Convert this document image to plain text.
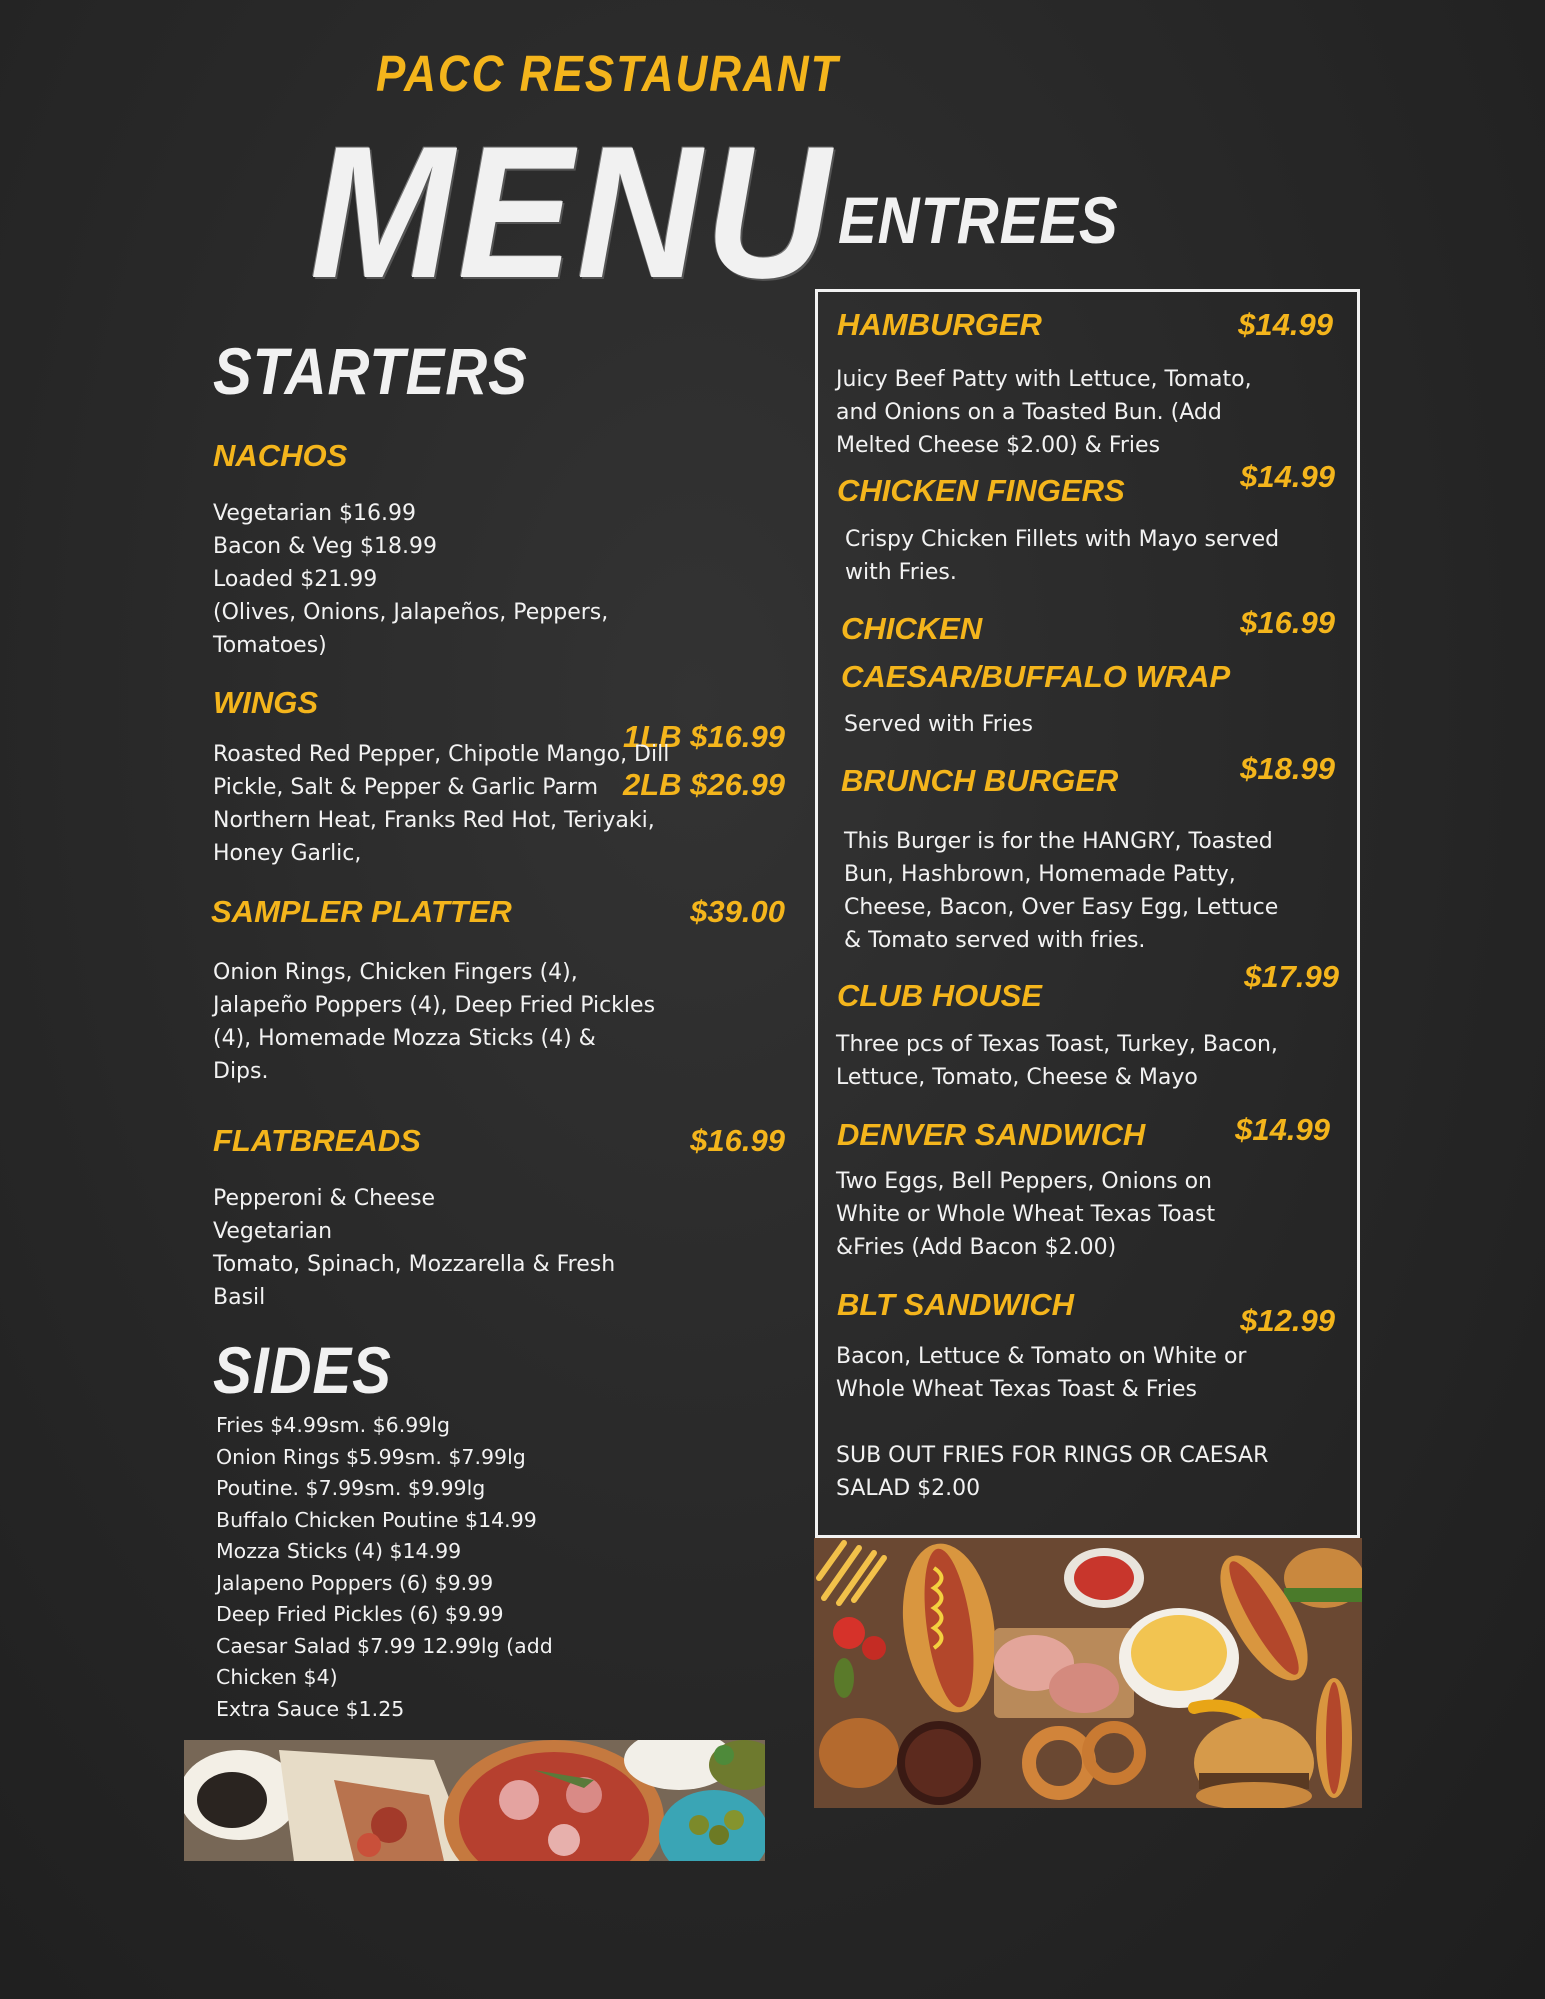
PACC RESTAURANT
MENU
STARTERS
NACHOS
Vegetarian $16.99
Bacon & Veg $18.99
Loaded $21.99
(Olives, Onions, Jalapeños, Peppers,
Tomatoes)
WINGS
1LB $16.99
2LB $26.99
Roasted Red Pepper, Chipotle Mango, Dill
Pickle, Salt & Pepper & Garlic Parm
Northern Heat, Franks Red Hot, Teriyaki,
Honey Garlic,
SAMPLER PLATTER	$39.00
Onion Rings, Chicken Fingers (4),
Jalapeño Poppers (4), Deep Fried Pickles
(4), Homemade Mozza Sticks (4) &
Dips.
FLATBREADS	$16.99
Pepperoni & Cheese
Vegetarian
Tomato, Spinach, Mozzarella & Fresh
Basil
SIDES
Fries $4.99sm. $6.99lg
Onion Rings $5.99sm. $7.99lg
Poutine. $7.99sm. $9.99lg
Buffalo Chicken Poutine $14.99
Mozza Sticks (4) $14.99
Jalapeno Poppers (6) $9.99
Deep Fried Pickles (6) $9.99
Caesar Salad $7.99 12.99lg (add
Chicken $4)
Extra Sauce $1.25
ENTREES
HAMBURGER	$14.99
Juicy Beef Patty with Lettuce, Tomato,
and Onions on a Toasted Bun. (Add
Melted Cheese $2.00) & Fries
CHICKEN FINGERS	$14.99
Crispy Chicken Fillets with Mayo served
with Fries.
CHICKEN
CAESAR/BUFFALO WRAP
$16.99
Served with Fries
BRUNCH BURGER	$18.99
This Burger is for the HANGRY, Toasted
Bun, Hashbrown, Homemade Patty,
Cheese, Bacon, Over Easy Egg, Lettuce
& Tomato served with fries.
CLUB HOUSE
$17.99
Three pcs of Texas Toast, Turkey, Bacon,
Lettuce, Tomato, Cheese & Mayo
DENVER SANDWICH	$14.99
Two Eggs, Bell Peppers, Onions on
White or Whole Wheat Texas Toast
&Fries (Add Bacon $2.00)
BLT SANDWICH	$12.99
Bacon, Lettuce & Tomato on White or
Whole Wheat Texas Toast & Fries
SUB OUT FRIES FOR RINGS OR CAESAR
SALAD $2.00
